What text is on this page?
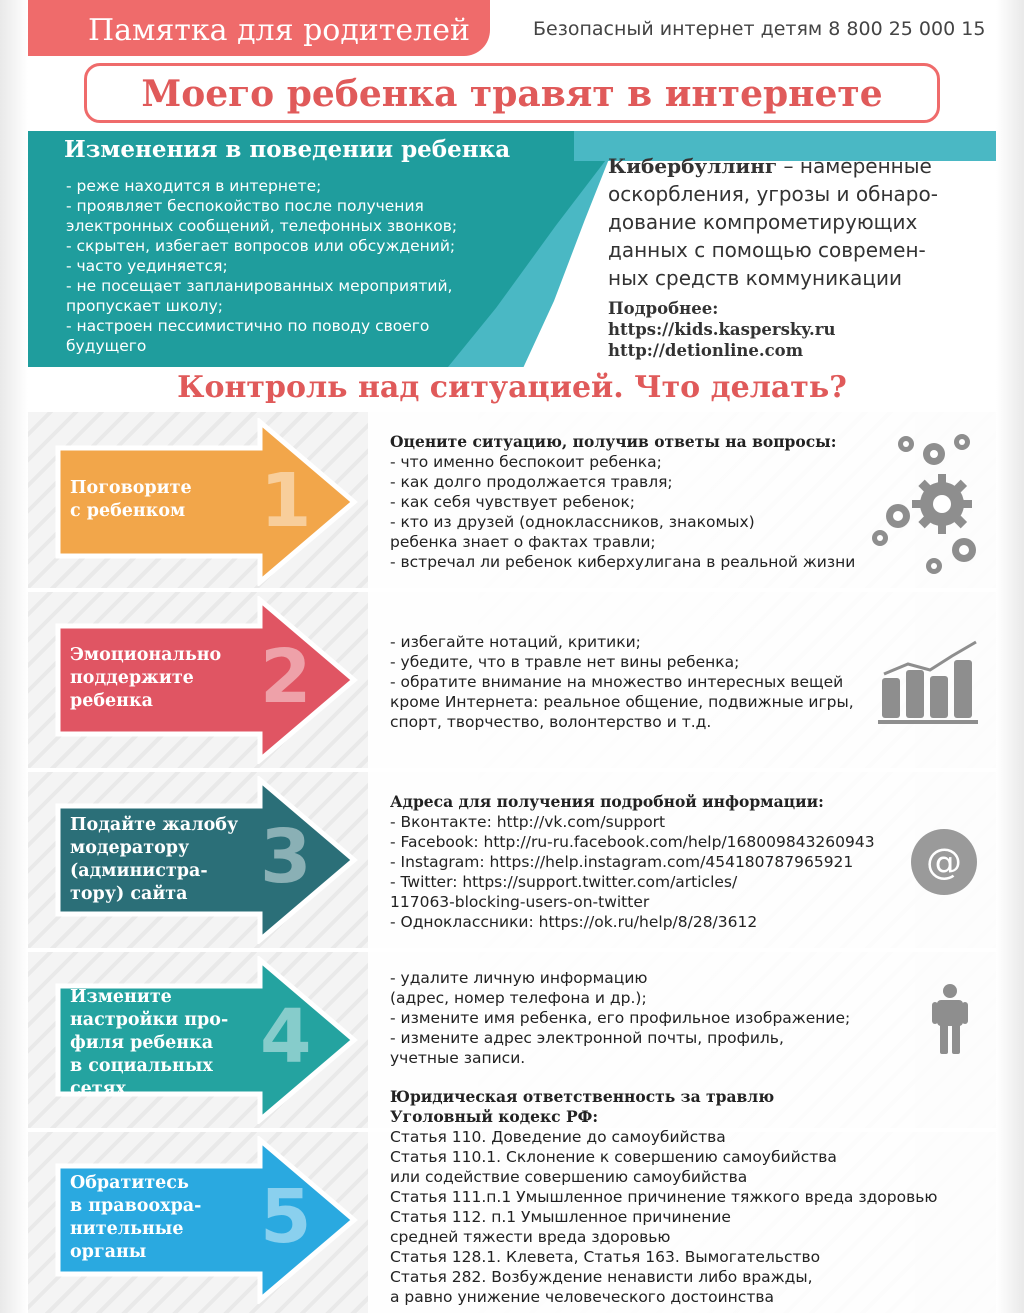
Памятка для родителей	Безопасный интернет детям 8 800 25 000 15
Моего ребенка травят в интернете
Изменения в поведении ребенка
- реже находится в интернете;
- проявляет беспокойство после получения
электронных сообщений, телефонных звонков;
- скрытен, избегает вопросов или обсуждений;
- часто уединяется;
- не посещает запланированных мероприятий,
пропускает школу;
- настроен пессимистично по поводу своего
будущего
Кибербуллинг – намеренные
оскорбления, угрозы и обнаро-
дование компрометирующих
данных с помощью современ-
ных средств коммуникации
Подробнее:
https://kids.kaspersky.ru
http://detionline.com
Контроль над ситуацией. Что делать?
Поговорите
с ребенком 1
Оцените ситуацию, получив ответы на вопросы:
- что именно беспокоит ребенка;
- как долго продолжается травля;
- как себя чувствует ребенок;
- кто из друзей (одноклассников, знакомых)
ребенка знает о фактах травли;
- встречал ли ребенок киберхулигана в реальной жизни
Эмоционально
поддержите
ребенка	2	- избегайте нотаций, критики;
- убедите, что в травле нет вины ребенка;
- обратите внимание на множество интересных вещей
кроме Интернета: реальное общение, подвижные игры,
спорт, творчество, волонтерство и т.д.
Подайте жалобу
модератору
(администра-
тору) сайта 3
Адреса для получения подробной информации:
- Вконтакте: http://vk.com/support
- Facebook: http://ru-ru.facebook.com/help/168009843260943
- Instagram: https://help.instagram.com/454180787965921
- Twitter: https://support.twitter.com/articles/
117063-blocking-users-on-twitter
- Одноклассники: https://ok.ru/help/8/28/3612
@
Измените
настройки про-
филя ребенка
в социальных
сетях
4
- удалите личную информацию
(адрес, номер телефона и др.);
- измените имя ребенка, его профильное изображение;
- измените адрес электронной почты, профиль,
учетные записи.
Обратитесь
в правоохра-
нительные
органы	5
Юридическая ответственность за травлю
Уголовный кодекс РФ:
Статья 110. Доведение до самоубийства
Статья 110.1. Склонение к совершению самоубийства
или содействие совершению самоубийства
Статья 111.п.1 Умышленное причинение тяжкого вреда здоровью
Статья 112. п.1 Умышленное причинение
средней тяжести вреда здоровью
Статья 128.1. Клевета, Статья 163. Вымогательство
Статья 282. Возбуждение ненависти либо вражды,
а равно унижение человеческого достоинства
